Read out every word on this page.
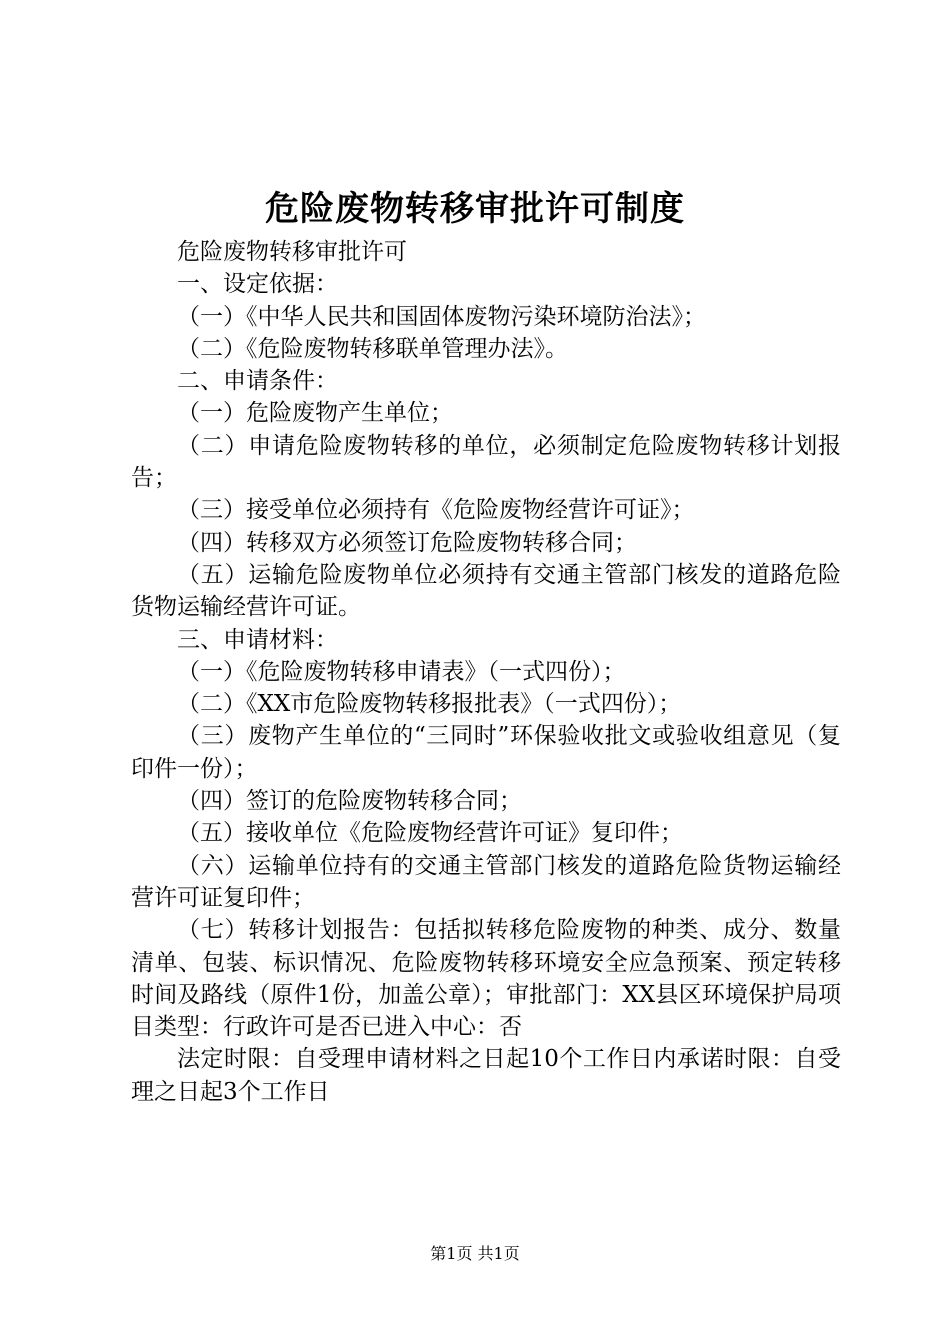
危险废物转移审批许可制度

危险废物转移审批许可

一、设定依据：

（一）《中华人民共和国固体废物污染环境防治法》；

（二）《危险废物转移联单管理办法》。

二、申请条件：

（一）危险废物产生单位；

（二）申请危险废物转移的单位，必须制定危险废物转移计划报告；

（三）接受单位必须持有《危险废物经营许可证》；

（四）转移双方必须签订危险废物转移合同；

（五）运输危险废物单位必须持有交通主管部门核发的道路危险货物运输经营许可证。

三、申请材料：

（一）《危险废物转移申请表》（一式四份）；

（二）《XX市危险废物转移报批表》（一式四份）；

（三）废物产生单位的“三同时”环保验收批文或验收组意见（复印件一份）；

（四）签订的危险废物转移合同；

（五）接收单位《危险废物经营许可证》复印件；

（六）运输单位持有的交通主管部门核发的道路危险货物运输经营许可证复印件；

（七）转移计划报告：包括拟转移危险废物的种类、成分、数量清单、包装、标识情况、危险废物转移环境安全应急预案、预定转移时间及路线（原件1份，加盖公章）；审批部门：XX县区环境保护局项目类型：行政许可是否已进入中心：否

法定时限：自受理申请材料之日起10个工作日内承诺时限：自受理之日起3个工作日

第1页 共1页
